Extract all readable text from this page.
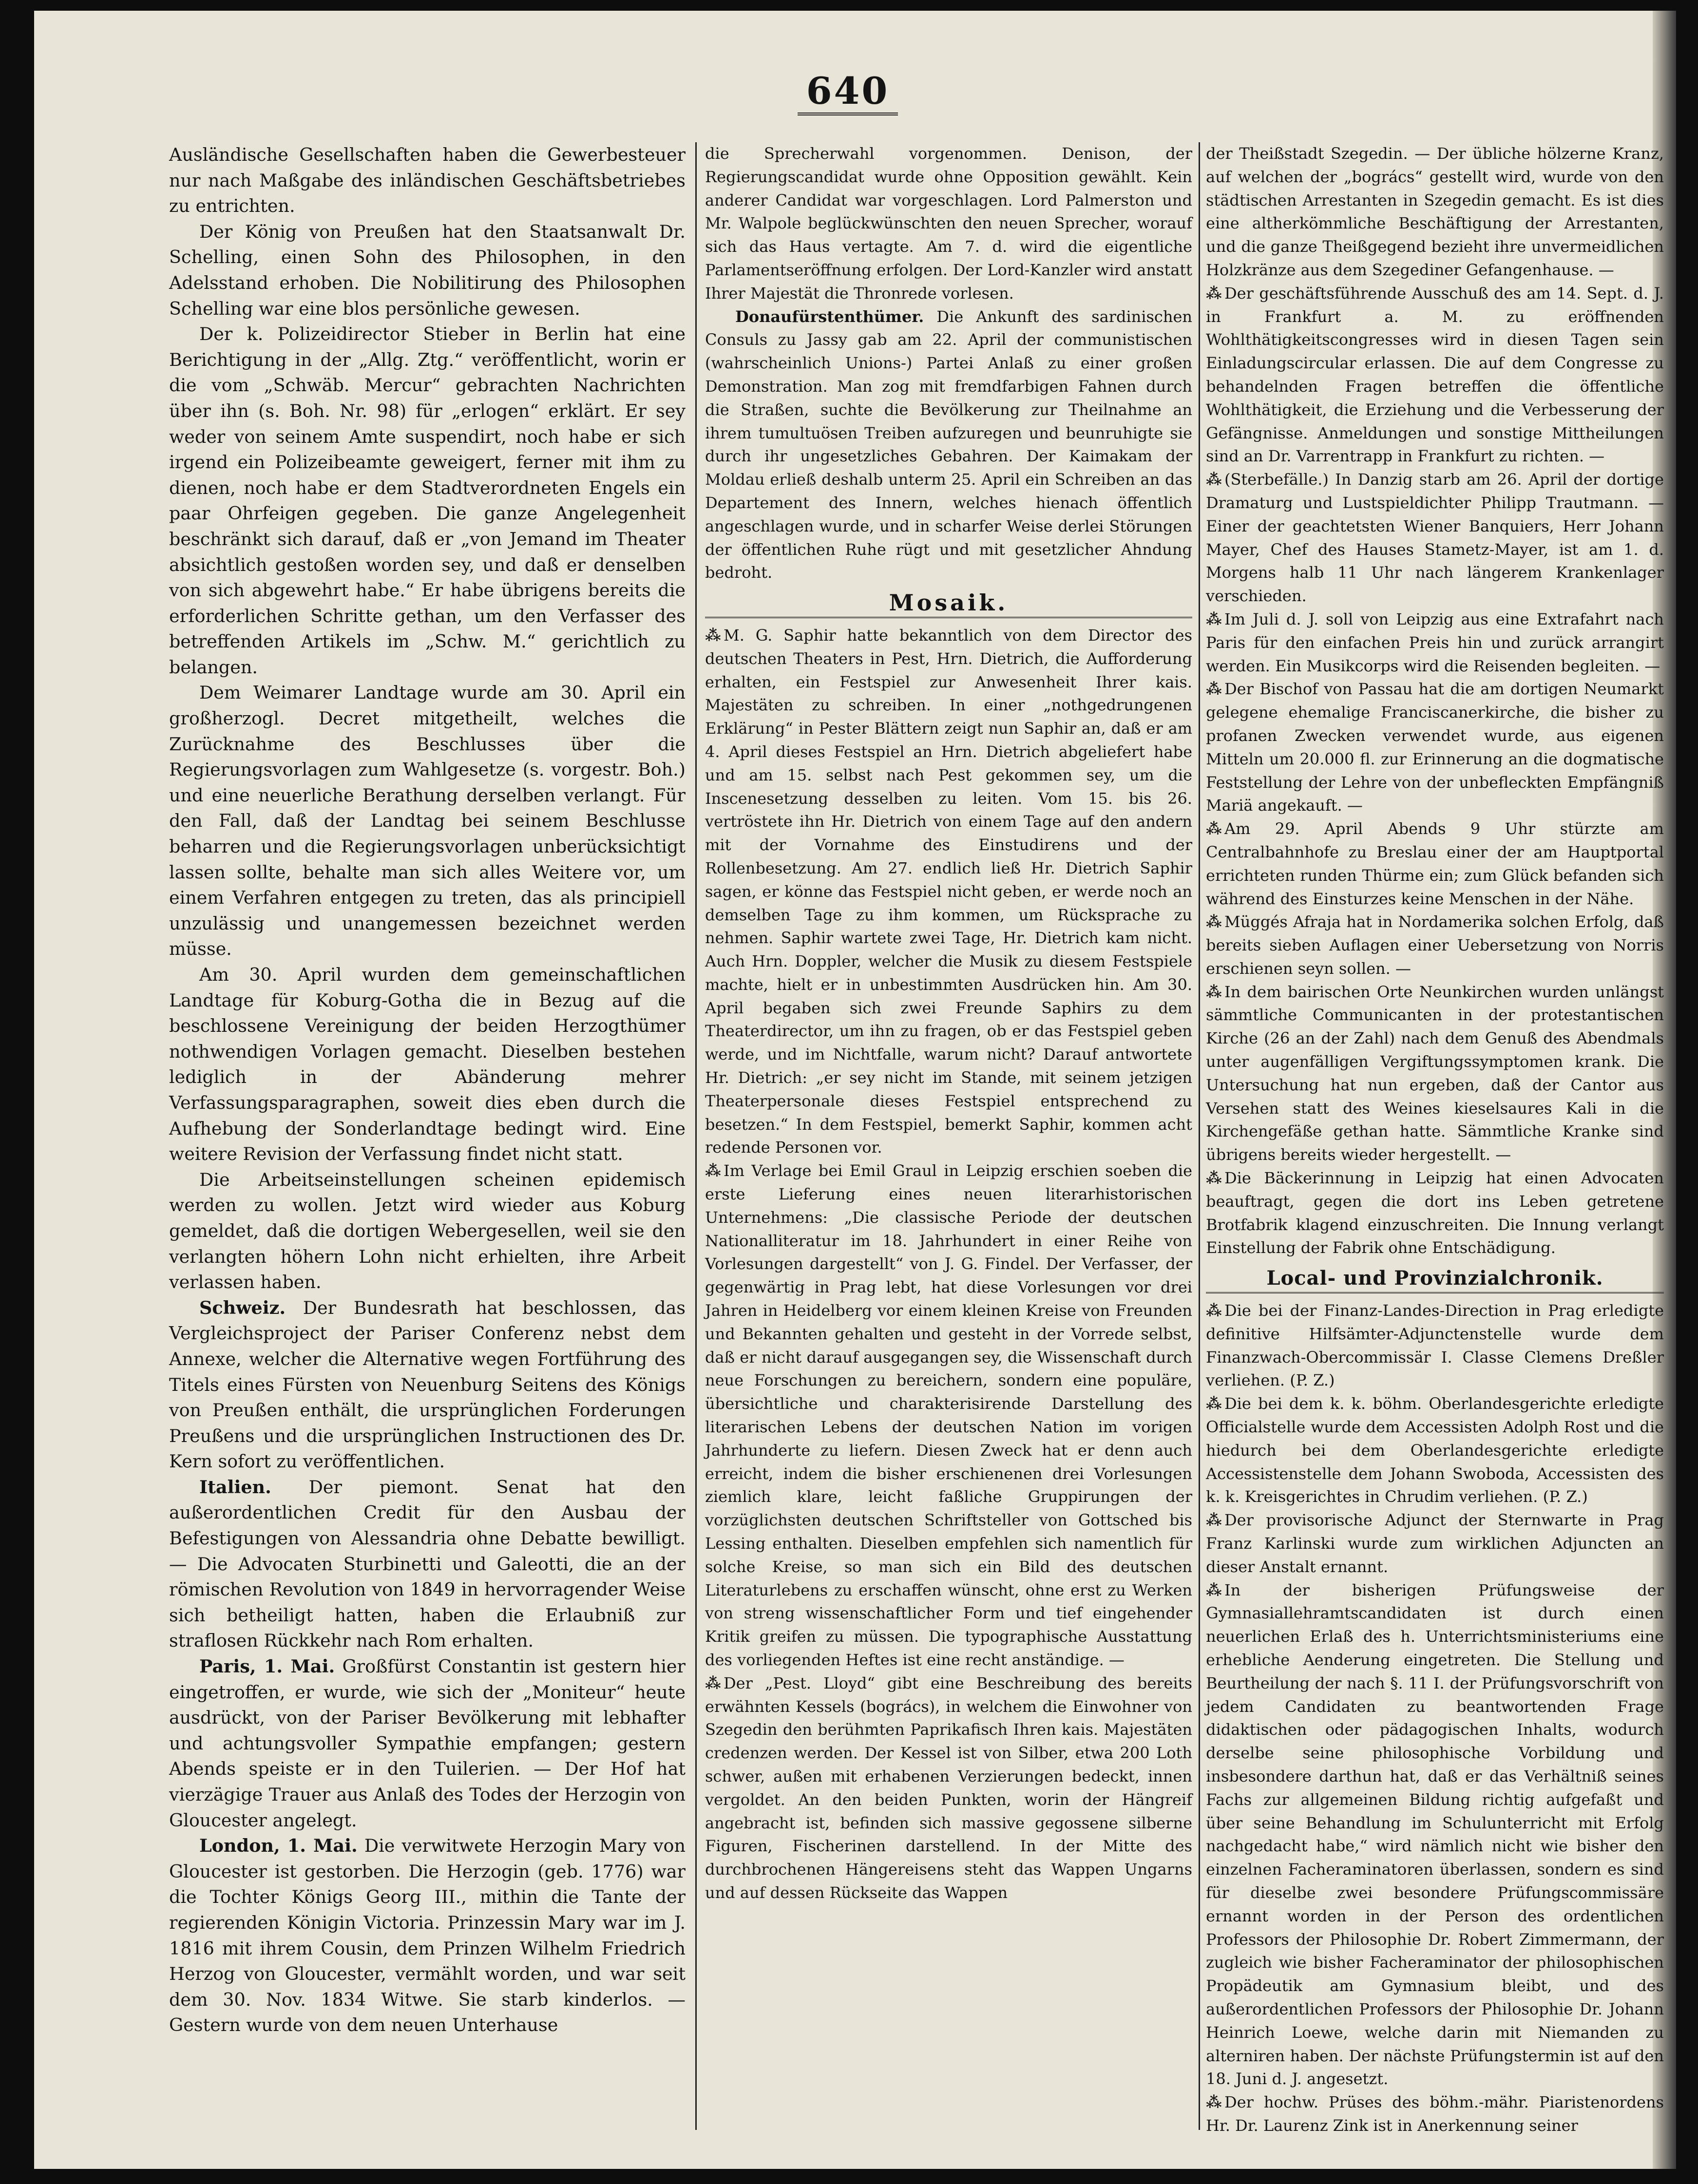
640

Ausländische Gesellschaften haben die Gewerbesteuer nur nach Maßgabe des inländischen Geschäftsbetriebes zu entrichten.

Der König von Preußen hat den Staatsanwalt Dr. Schelling, einen Sohn des Philosophen, in den Adelsstand erhoben. Die Nobilitirung des Philosophen Schelling war eine blos persönliche gewesen.

Der k. Polizeidirector Stieber in Berlin hat eine Berichtigung in der „Allg. Ztg.“ veröffentlicht, worin er die vom „Schwäb. Mercur“ gebrachten Nachrichten über ihn (s. Boh. Nr. 98) für „erlogen“ erklärt. Er sey weder von seinem Amte suspendirt, noch habe er sich irgend ein Polizeibeamte geweigert, ferner mit ihm zu dienen, noch habe er dem Stadtverordneten Engels ein paar Ohrfeigen gegeben. Die ganze Angelegenheit beschränkt sich darauf, daß er „von Jemand im Theater absichtlich gestoßen worden sey, und daß er denselben von sich abgewehrt habe.“ Er habe übrigens bereits die erforderlichen Schritte gethan, um den Verfasser des betreffenden Artikels im „Schw. M.“ gerichtlich zu belangen.

Dem Weimarer Landtage wurde am 30. April ein großherzogl. Decret mitgetheilt, welches die Zurücknahme des Beschlusses über die Regierungsvorlagen zum Wahlgesetze (s. vorgestr. Boh.) und eine neuerliche Berathung derselben verlangt. Für den Fall, daß der Landtag bei seinem Beschlusse beharren und die Regierungsvorlagen unberücksichtigt lassen sollte, behalte man sich alles Weitere vor, um einem Verfahren entgegen zu treten, das als principiell unzulässig und unangemessen bezeichnet werden müsse.

Am 30. April wurden dem gemeinschaftlichen Landtage für Koburg-Gotha die in Bezug auf die beschlossene Vereinigung der beiden Herzogthümer nothwendigen Vorlagen gemacht. Dieselben bestehen lediglich in der Abänderung mehrer Verfassungsparagraphen, soweit dies eben durch die Aufhebung der Sonderlandtage bedingt wird. Eine weitere Revision der Verfassung findet nicht statt.

Die Arbeitseinstellungen scheinen epidemisch werden zu wollen. Jetzt wird wieder aus Koburg gemeldet, daß die dortigen Webergesellen, weil sie den verlangten höhern Lohn nicht erhielten, ihre Arbeit verlassen haben.

Schweiz. Der Bundesrath hat beschlossen, das Vergleichsproject der Pariser Conferenz nebst dem Annexe, welcher die Alternative wegen Fortführung des Titels eines Fürsten von Neuenburg Seitens des Königs von Preußen enthält, die ursprünglichen Forderungen Preußens und die ursprünglichen Instructionen des Dr. Kern sofort zu veröffentlichen.

Italien. Der piemont. Senat hat den außerordentlichen Credit für den Ausbau der Befestigungen von Alessandria ohne Debatte bewilligt. — Die Advocaten Sturbinetti und Galeotti, die an der römischen Revolution von 1849 in hervorragender Weise sich betheiligt hatten, haben die Erlaubniß zur straflosen Rückkehr nach Rom erhalten.

Paris, 1. Mai. Großfürst Constantin ist gestern hier eingetroffen, er wurde, wie sich der „Moniteur“ heute ausdrückt, von der Pariser Bevölkerung mit lebhafter und achtungsvoller Sympathie empfangen; gestern Abends speiste er in den Tuilerien. — Der Hof hat vierzägige Trauer aus Anlaß des Todes der Herzogin von Gloucester angelegt.

London, 1. Mai. Die verwitwete Herzogin Mary von Gloucester ist gestorben. Die Herzogin (geb. 1776) war die Tochter Königs Georg III., mithin die Tante der regierenden Königin Victoria. Prinzessin Mary war im J. 1816 mit ihrem Cousin, dem Prinzen Wilhelm Friedrich Herzog von Gloucester, vermählt worden, und war seit dem 30. Nov. 1834 Witwe. Sie starb kinderlos. — Gestern wurde von dem neuen Unterhause

die Sprecherwahl vorgenommen. Denison, der Regierungscandidat wurde ohne Opposition gewählt. Kein anderer Candidat war vorgeschlagen. Lord Palmerston und Mr. Walpole beglückwünschten den neuen Sprecher, worauf sich das Haus vertagte. Am 7. d. wird die eigentliche Parlamentseröffnung erfolgen. Der Lord-Kanzler wird anstatt Ihrer Majestät die Thronrede vorlesen.

Donaufürstenthümer. Die Ankunft des sardinischen Consuls zu Jassy gab am 22. April der communistischen (wahrscheinlich Unions-) Partei Anlaß zu einer großen Demonstration. Man zog mit fremdfarbigen Fahnen durch die Straßen, suchte die Bevölkerung zur Theilnahme an ihrem tumultuösen Treiben aufzuregen und beunruhigte sie durch ihr ungesetzliches Gebahren. Der Kaimakam der Moldau erließ deshalb unterm 25. April ein Schreiben an das Departement des Innern, welches hienach öffentlich angeschlagen wurde, und in scharfer Weise derlei Störungen der öffentlichen Ruhe rügt und mit gesetzlicher Ahndung bedroht.

Mosaik.

⁂ M. G. Saphir hatte bekanntlich von dem Director des deutschen Theaters in Pest, Hrn. Dietrich, die Aufforderung erhalten, ein Festspiel zur Anwesenheit Ihrer kais. Majestäten zu schreiben. In einer „nothgedrungenen Erklärung“ in Pester Blättern zeigt nun Saphir an, daß er am 4. April dieses Festspiel an Hrn. Dietrich abgeliefert habe und am 15. selbst nach Pest gekommen sey, um die Inscenesetzung desselben zu leiten. Vom 15. bis 26. vertröstete ihn Hr. Dietrich von einem Tage auf den andern mit der Vornahme des Einstudirens und der Rollenbesetzung. Am 27. endlich ließ Hr. Dietrich Saphir sagen, er könne das Festspiel nicht geben, er werde noch an demselben Tage zu ihm kommen, um Rücksprache zu nehmen. Saphir wartete zwei Tage, Hr. Dietrich kam nicht. Auch Hrn. Doppler, welcher die Musik zu diesem Festspiele machte, hielt er in unbestimmten Ausdrücken hin. Am 30. April begaben sich zwei Freunde Saphirs zu dem Theaterdirector, um ihn zu fragen, ob er das Festspiel geben werde, und im Nichtfalle, warum nicht? Darauf antwortete Hr. Dietrich: „er sey nicht im Stande, mit seinem jetzigen Theaterpersonale dieses Festspiel entsprechend zu besetzen.“ In dem Festspiel, bemerkt Saphir, kommen acht redende Personen vor.

⁂ Im Verlage bei Emil Graul in Leipzig erschien soeben die erste Lieferung eines neuen literarhistorischen Unternehmens: „Die classische Periode der deutschen Nationalliteratur im 18. Jahrhundert in einer Reihe von Vorlesungen dargestellt“ von J. G. Findel. Der Verfasser, der gegenwärtig in Prag lebt, hat diese Vorlesungen vor drei Jahren in Heidelberg vor einem kleinen Kreise von Freunden und Bekannten gehalten und gesteht in der Vorrede selbst, daß er nicht darauf ausgegangen sey, die Wissenschaft durch neue Forschungen zu bereichern, sondern eine populäre, übersichtliche und charakterisirende Darstellung des literarischen Lebens der deutschen Nation im vorigen Jahrhunderte zu liefern. Diesen Zweck hat er denn auch erreicht, indem die bisher erschienenen drei Vorlesungen ziemlich klare, leicht faßliche Gruppirungen der vorzüglichsten deutschen Schriftsteller von Gottsched bis Lessing enthalten. Dieselben empfehlen sich namentlich für solche Kreise, so man sich ein Bild des deutschen Literaturlebens zu erschaffen wünscht, ohne erst zu Werken von streng wissenschaftlicher Form und tief eingehender Kritik greifen zu müssen. Die typographische Ausstattung des vorliegenden Heftes ist eine recht anständige. —

⁂ Der „Pest. Lloyd“ gibt eine Beschreibung des bereits erwähnten Kessels (bogrács), in welchem die Einwohner von Szegedin den berühmten Paprikafisch Ihren kais. Majestäten credenzen werden. Der Kessel ist von Silber, etwa 200 Loth schwer, außen mit erhabenen Verzierungen bedeckt, innen vergoldet. An den beiden Punkten, worin der Hängreif angebracht ist, befinden sich massive gegossene silberne Figuren, Fischerinen darstellend. In der Mitte des durchbrochenen Hängereisens steht das Wappen Ungarns und auf dessen Rückseite das Wappen

der Theißstadt Szegedin. — Der übliche hölzerne Kranz, auf welchen der „bogrács“ gestellt wird, wurde von den städtischen Arrestanten in Szegedin gemacht. Es ist dies eine altherkömmliche Beschäftigung der Arrestanten, und die ganze Theißgegend bezieht ihre unvermeidlichen Holzkränze aus dem Szegediner Gefangenhause. —

⁂ Der geschäftsführende Ausschuß des am 14. Sept. d. J. in Frankfurt a. M. zu eröffnenden Wohlthätigkeitscongresses wird in diesen Tagen sein Einladungscircular erlassen. Die auf dem Congresse zu behandelnden Fragen betreffen die öffentliche Wohlthätigkeit, die Erziehung und die Verbesserung der Gefängnisse. Anmeldungen und sonstige Mittheilungen sind an Dr. Varrentrapp in Frankfurt zu richten. —

⁂ (Sterbefälle.) In Danzig starb am 26. April der dortige Dramaturg und Lustspieldichter Philipp Trautmann. — Einer der geachtetsten Wiener Banquiers, Herr Johann Mayer, Chef des Hauses Stametz-Mayer, ist am 1. d. Morgens halb 11 Uhr nach längerem Krankenlager verschieden.

⁂ Im Juli d. J. soll von Leipzig aus eine Extrafahrt nach Paris für den einfachen Preis hin und zurück arrangirt werden. Ein Musikcorps wird die Reisenden begleiten. —

⁂ Der Bischof von Passau hat die am dortigen Neumarkt gelegene ehemalige Franciscanerkirche, die bisher zu profanen Zwecken verwendet wurde, aus eigenen Mitteln um 20.000 fl. zur Erinnerung an die dogmatische Feststellung der Lehre von der unbefleckten Empfängniß Mariä angekauft. —

⁂ Am 29. April Abends 9 Uhr stürzte am Centralbahnhofe zu Breslau einer der am Hauptportal errichteten runden Thürme ein; zum Glück befanden sich während des Einsturzes keine Menschen in der Nähe.

⁂ Müggés Afraja hat in Nordamerika solchen Erfolg, daß bereits sieben Auflagen einer Uebersetzung von Norris erschienen seyn sollen. —

⁂ In dem bairischen Orte Neunkirchen wurden unlängst sämmtliche Communicanten in der protestantischen Kirche (26 an der Zahl) nach dem Genuß des Abendmals unter augenfälligen Vergiftungssymptomen krank. Die Untersuchung hat nun ergeben, daß der Cantor aus Versehen statt des Weines kieselsaures Kali in die Kirchengefäße gethan hatte. Sämmtliche Kranke sind übrigens bereits wieder hergestellt. —

⁂ Die Bäckerinnung in Leipzig hat einen Advocaten beauftragt, gegen die dort ins Leben getretene Brotfabrik klagend einzuschreiten. Die Innung verlangt Einstellung der Fabrik ohne Entschädigung.

Local- und Provinzialchronik.

⁂ Die bei der Finanz-Landes-Direction in Prag erledigte definitive Hilfsämter-Adjunctenstelle wurde dem Finanzwach-Obercommissär I. Classe Clemens Dreßler verliehen. (P. Z.)

⁂ Die bei dem k. k. böhm. Oberlandesgerichte erledigte Officialstelle wurde dem Accessisten Adolph Rost und die hiedurch bei dem Oberlandesgerichte erledigte Accessistenstelle dem Johann Swoboda, Accessisten des k. k. Kreisgerichtes in Chrudim verliehen. (P. Z.)

⁂ Der provisorische Adjunct der Sternwarte in Prag Franz Karlinski wurde zum wirklichen Adjuncten an dieser Anstalt ernannt.

⁂ In der bisherigen Prüfungsweise der Gymnasiallehramtscandidaten ist durch einen neuerlichen Erlaß des h. Unterrichtsministeriums eine erhebliche Aenderung eingetreten. Die Stellung und Beurtheilung der nach §. 11 I. der Prüfungsvorschrift von jedem Candidaten zu beantwortenden Frage didaktischen oder pädagogischen Inhalts, wodurch derselbe seine philosophische Vorbildung und insbesondere darthun hat, daß er das Verhältniß seines Fachs zur allgemeinen Bildung richtig aufgefaßt und über seine Behandlung im Schulunterricht mit Erfolg nachgedacht habe,“ wird nämlich nicht wie bisher den einzelnen Facheraminatoren überlassen, sondern es sind für dieselbe zwei besondere Prüfungscommissäre ernannt worden in der Person des ordentlichen Professors der Philosophie Dr. Robert Zimmermann, der zugleich wie bisher Facheraminator der philosophischen Propädeutik am Gymnasium bleibt, und des außerordentlichen Professors der Philosophie Dr. Johann Heinrich Loewe, welche darin mit Niemanden zu alterniren haben. Der nächste Prüfungstermin ist auf den 18. Juni d. J. angesetzt.

⁂ Der hochw. Prüses des böhm.-mähr. Piaristenordens Hr. Dr. Laurenz Zink ist in Anerkennung seiner
